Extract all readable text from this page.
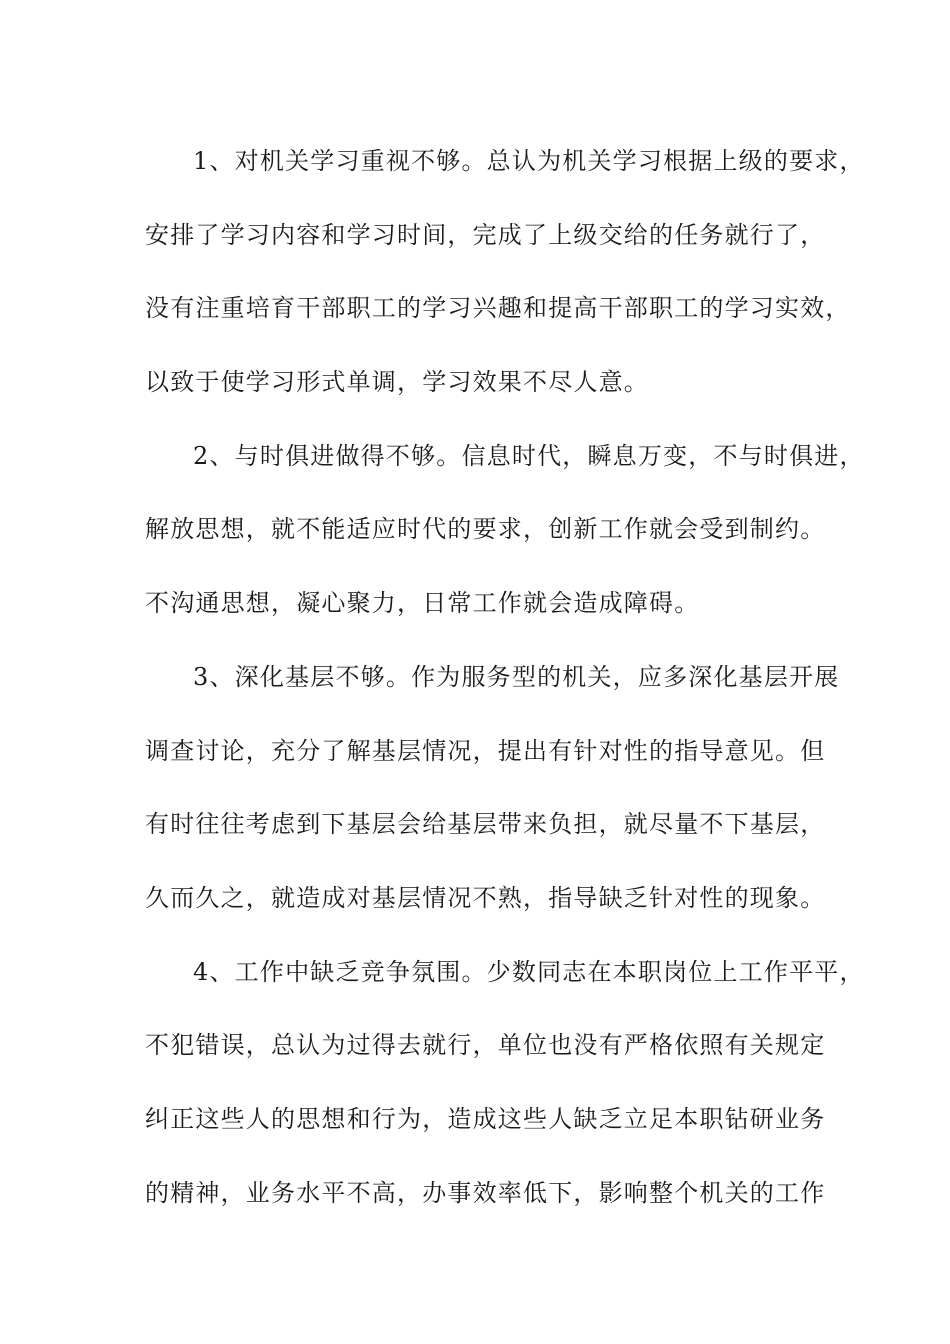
1、对机关学习重视不够。总认为机关学习根据上级的要求，
安排了学习内容和学习时间，完成了上级交给的任务就行了，
没有注重培育干部职工的学习兴趣和提高干部职工的学习实效，
以致于使学习形式单调，学习效果不尽人意。
2、与时俱进做得不够。信息时代，瞬息万变，不与时俱进，
解放思想，就不能适应时代的要求，创新工作就会受到制约。
不沟通思想，凝心聚力，日常工作就会造成障碍。
3、深化基层不够。作为服务型的机关，应多深化基层开展
调查讨论，充分了解基层情况，提出有针对性的指导意见。但
有时往往考虑到下基层会给基层带来负担，就尽量不下基层，
久而久之，就造成对基层情况不熟，指导缺乏针对性的现象。
4、工作中缺乏竞争氛围。少数同志在本职岗位上工作平平，
不犯错误，总认为过得去就行，单位也没有严格依照有关规定
纠正这些人的思想和行为，造成这些人缺乏立足本职钻研业务
的精神，业务水平不高，办事效率低下，影响整个机关的工作
